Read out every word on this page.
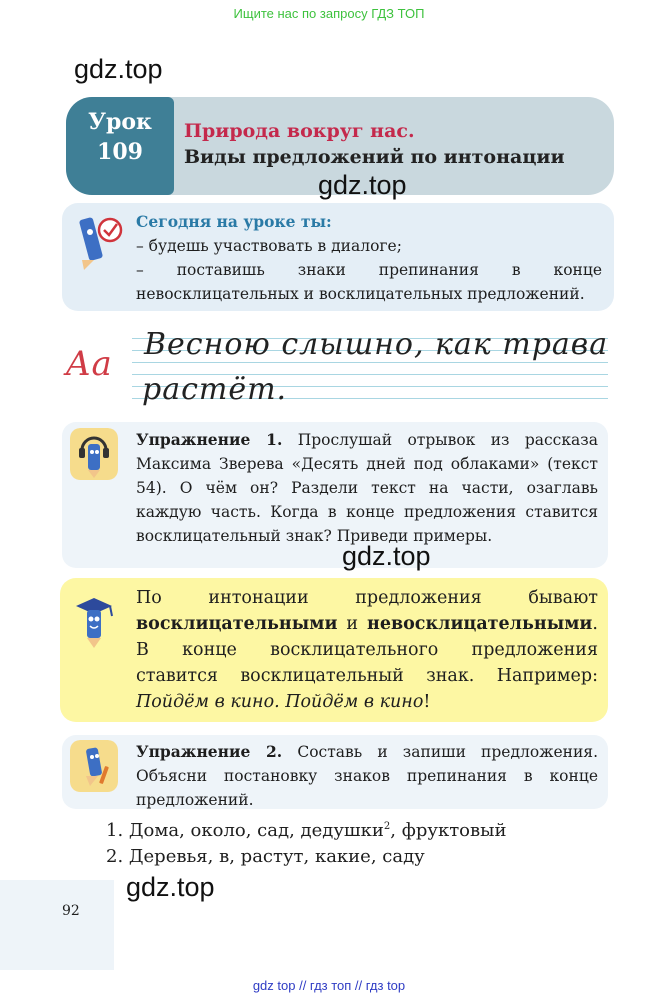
Ищите нас по запросу ГДЗ ТОП
gdz.top
Урок
109
Природа вокруг нас.
Виды предложений по интонации
gdz.top
Сегодня на уроке ты:
– будешь участвовать в диалоге;
– поставишь знаки препинания в конце невосклицательных и восклицательных предложений.
Aa Весною слышно, как трава
растёт.
Упражнение 1. Прослушай отрывок из рассказа Максима Зверева «Десять дней под облаками» (текст 54). О чём он? Раздели текст на части, озаглавь каждую часть. Когда в конце предложения ставится восклицательный знак? Приведи примеры.
gdz.top
По интонации предложения бывают восклицательными и невосклицательными. В конце восклицательного предложения ставится восклицательный знак. Например: Пойдём в кино. Пойдём в кино!
Упражнение 2. Составь и запиши предложения. Объясни постановку знаков препинания в конце предложений.
1. Дома, около, сад, дедушки$^2$, фруктовый
2. Деревья, в, растут, какие, саду
92
gdz.top
gdz top // гдз топ // гдз top
